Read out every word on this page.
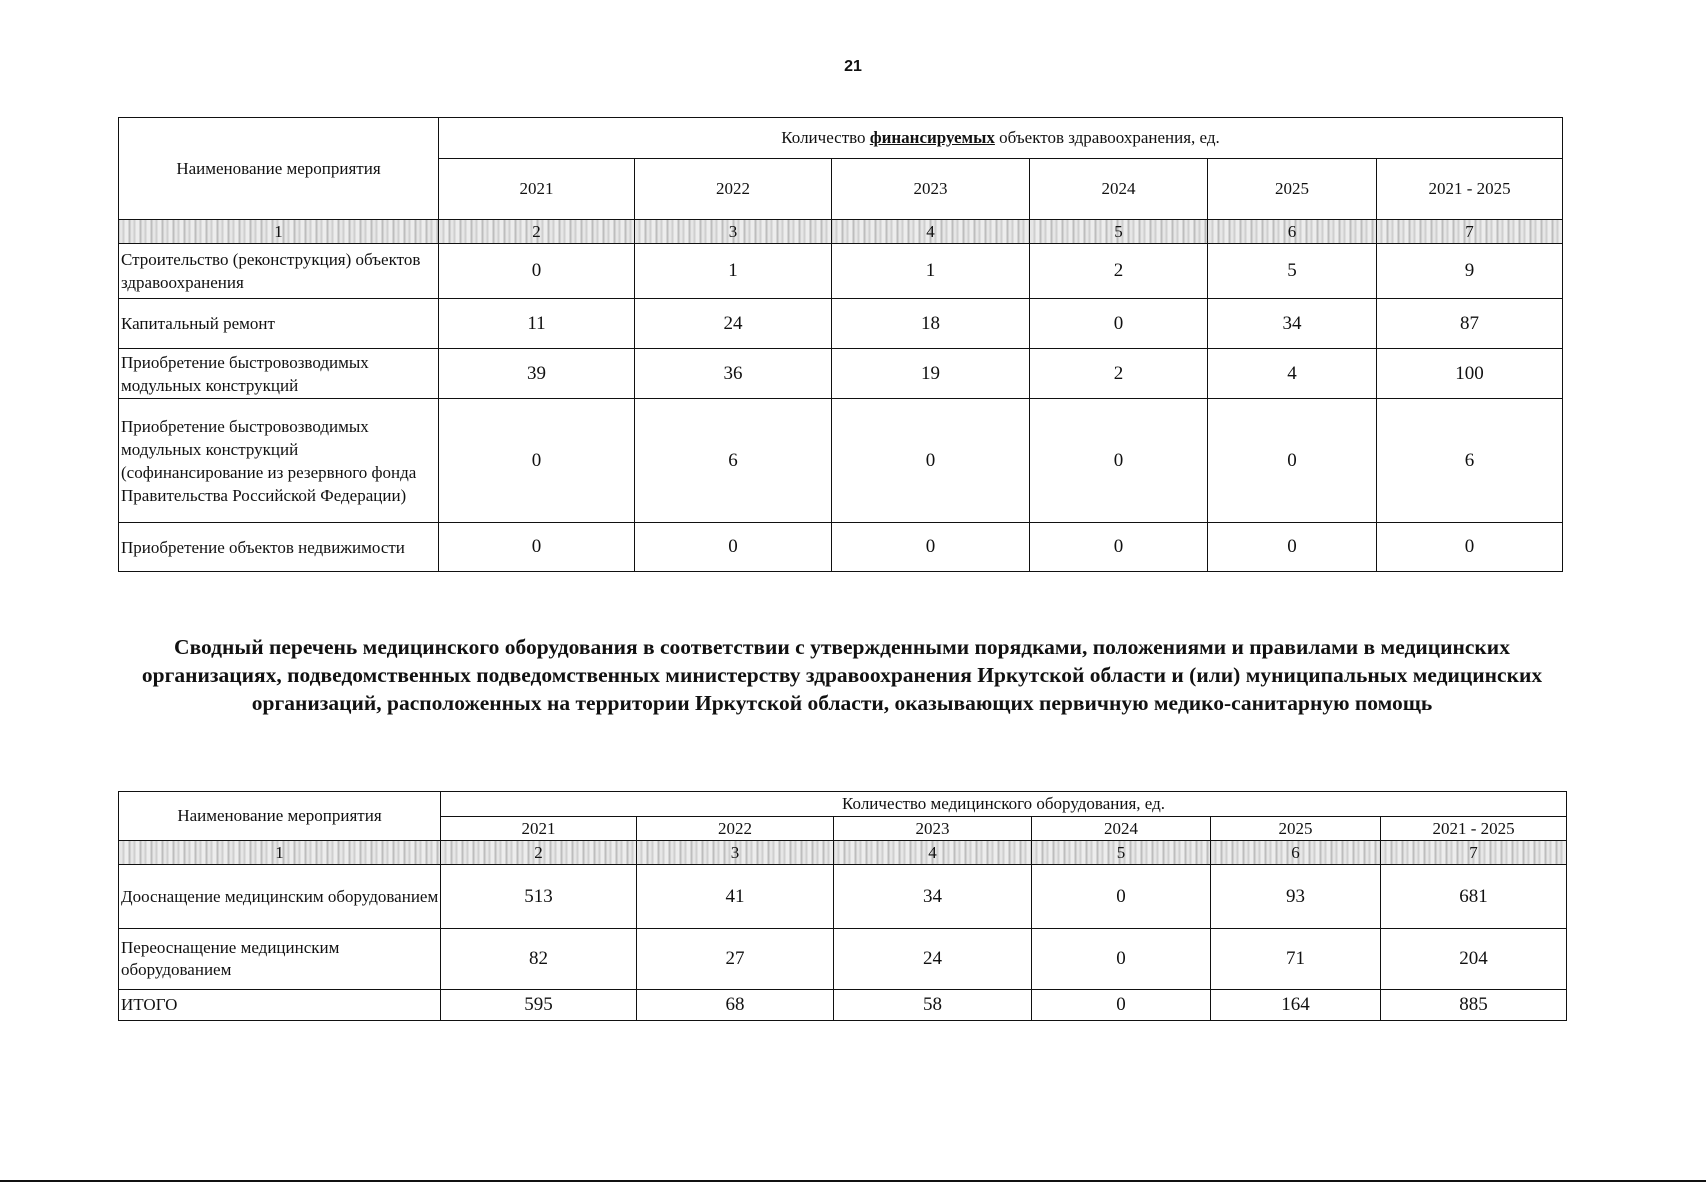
21
Наименование мероприятия	Количество финансируемых объектов здравоохранения, ед.					
	2021	2022	2023	2024	2025	2021 - 2025
1	2	3	4	5	6	7
Строительство (реконструкция) объектов здравоохранения	0	1	1	2	5	9
Капитальный ремонт	11	24	18	0	34	87
Приобретение быстровозводимых модульных конструкций	39	36	19	2	4	100
Приобретение быстровозводимых модульных конструкций (софинансирование из резервного фонда Правительства Российской Федерации)	0	6	0	0	0	6
Приобретение объектов недвижимости	0	0	0	0	0	0
Сводный перечень медицинского оборудования в соответствии с утвержденными порядками, положениями и правилами в медицинских организациях, подведомственных подведомственных министерству здравоохранения Иркутской области и (или) муниципальных медицинских организаций, расположенных на территории Иркутской области, оказывающих первичную медико-санитарную помощь
Наименование мероприятия	Количество медицинского оборудования, ед.					
	2021	2022	2023	2024	2025	2021 - 2025
1	2	3	4	5	6	7
Дооснащение медицинским оборудованием	513	41	34	0	93	681
Переоснащение медицинским оборудованием	82	27	24	0	71	204
ИТОГО	595	68	58	0	164	885
